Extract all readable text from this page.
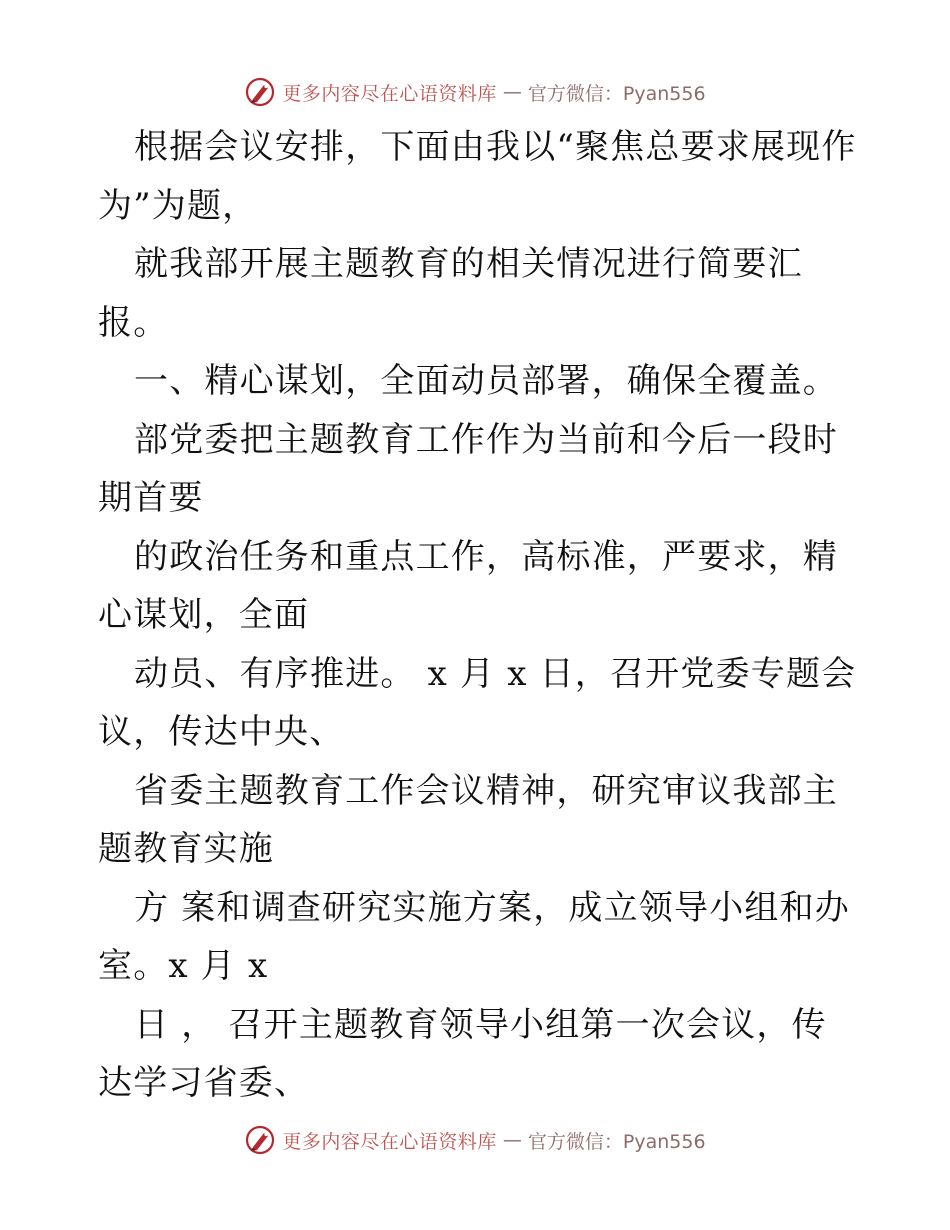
更多内容尽在心语资料库 — 官方微信：Pyan556

根据会议安排，下面由我以“聚焦总要求展现作为”为题，

就我部开展主题教育的相关情况进行简要汇报。

一、精心谋划，全面动员部署，确保全覆盖。

部党委把主题教育工作作为当前和今后一段时期首要

的政治任务和重点工作，高标准，严要求，精心谋划，全面

动员、有序推进。 x 月 x 日，召开党委专题会议，传达中央、

省委主题教育工作会议精神，研究审议我部主题教育实施

方 案和调查研究实施方案，成立领导小组和办室。x 月 x

日 ， 召开主题教育领导小组第一次会议，传达学习省委、

更多内容尽在心语资料库 — 官方微信：Pyan556
